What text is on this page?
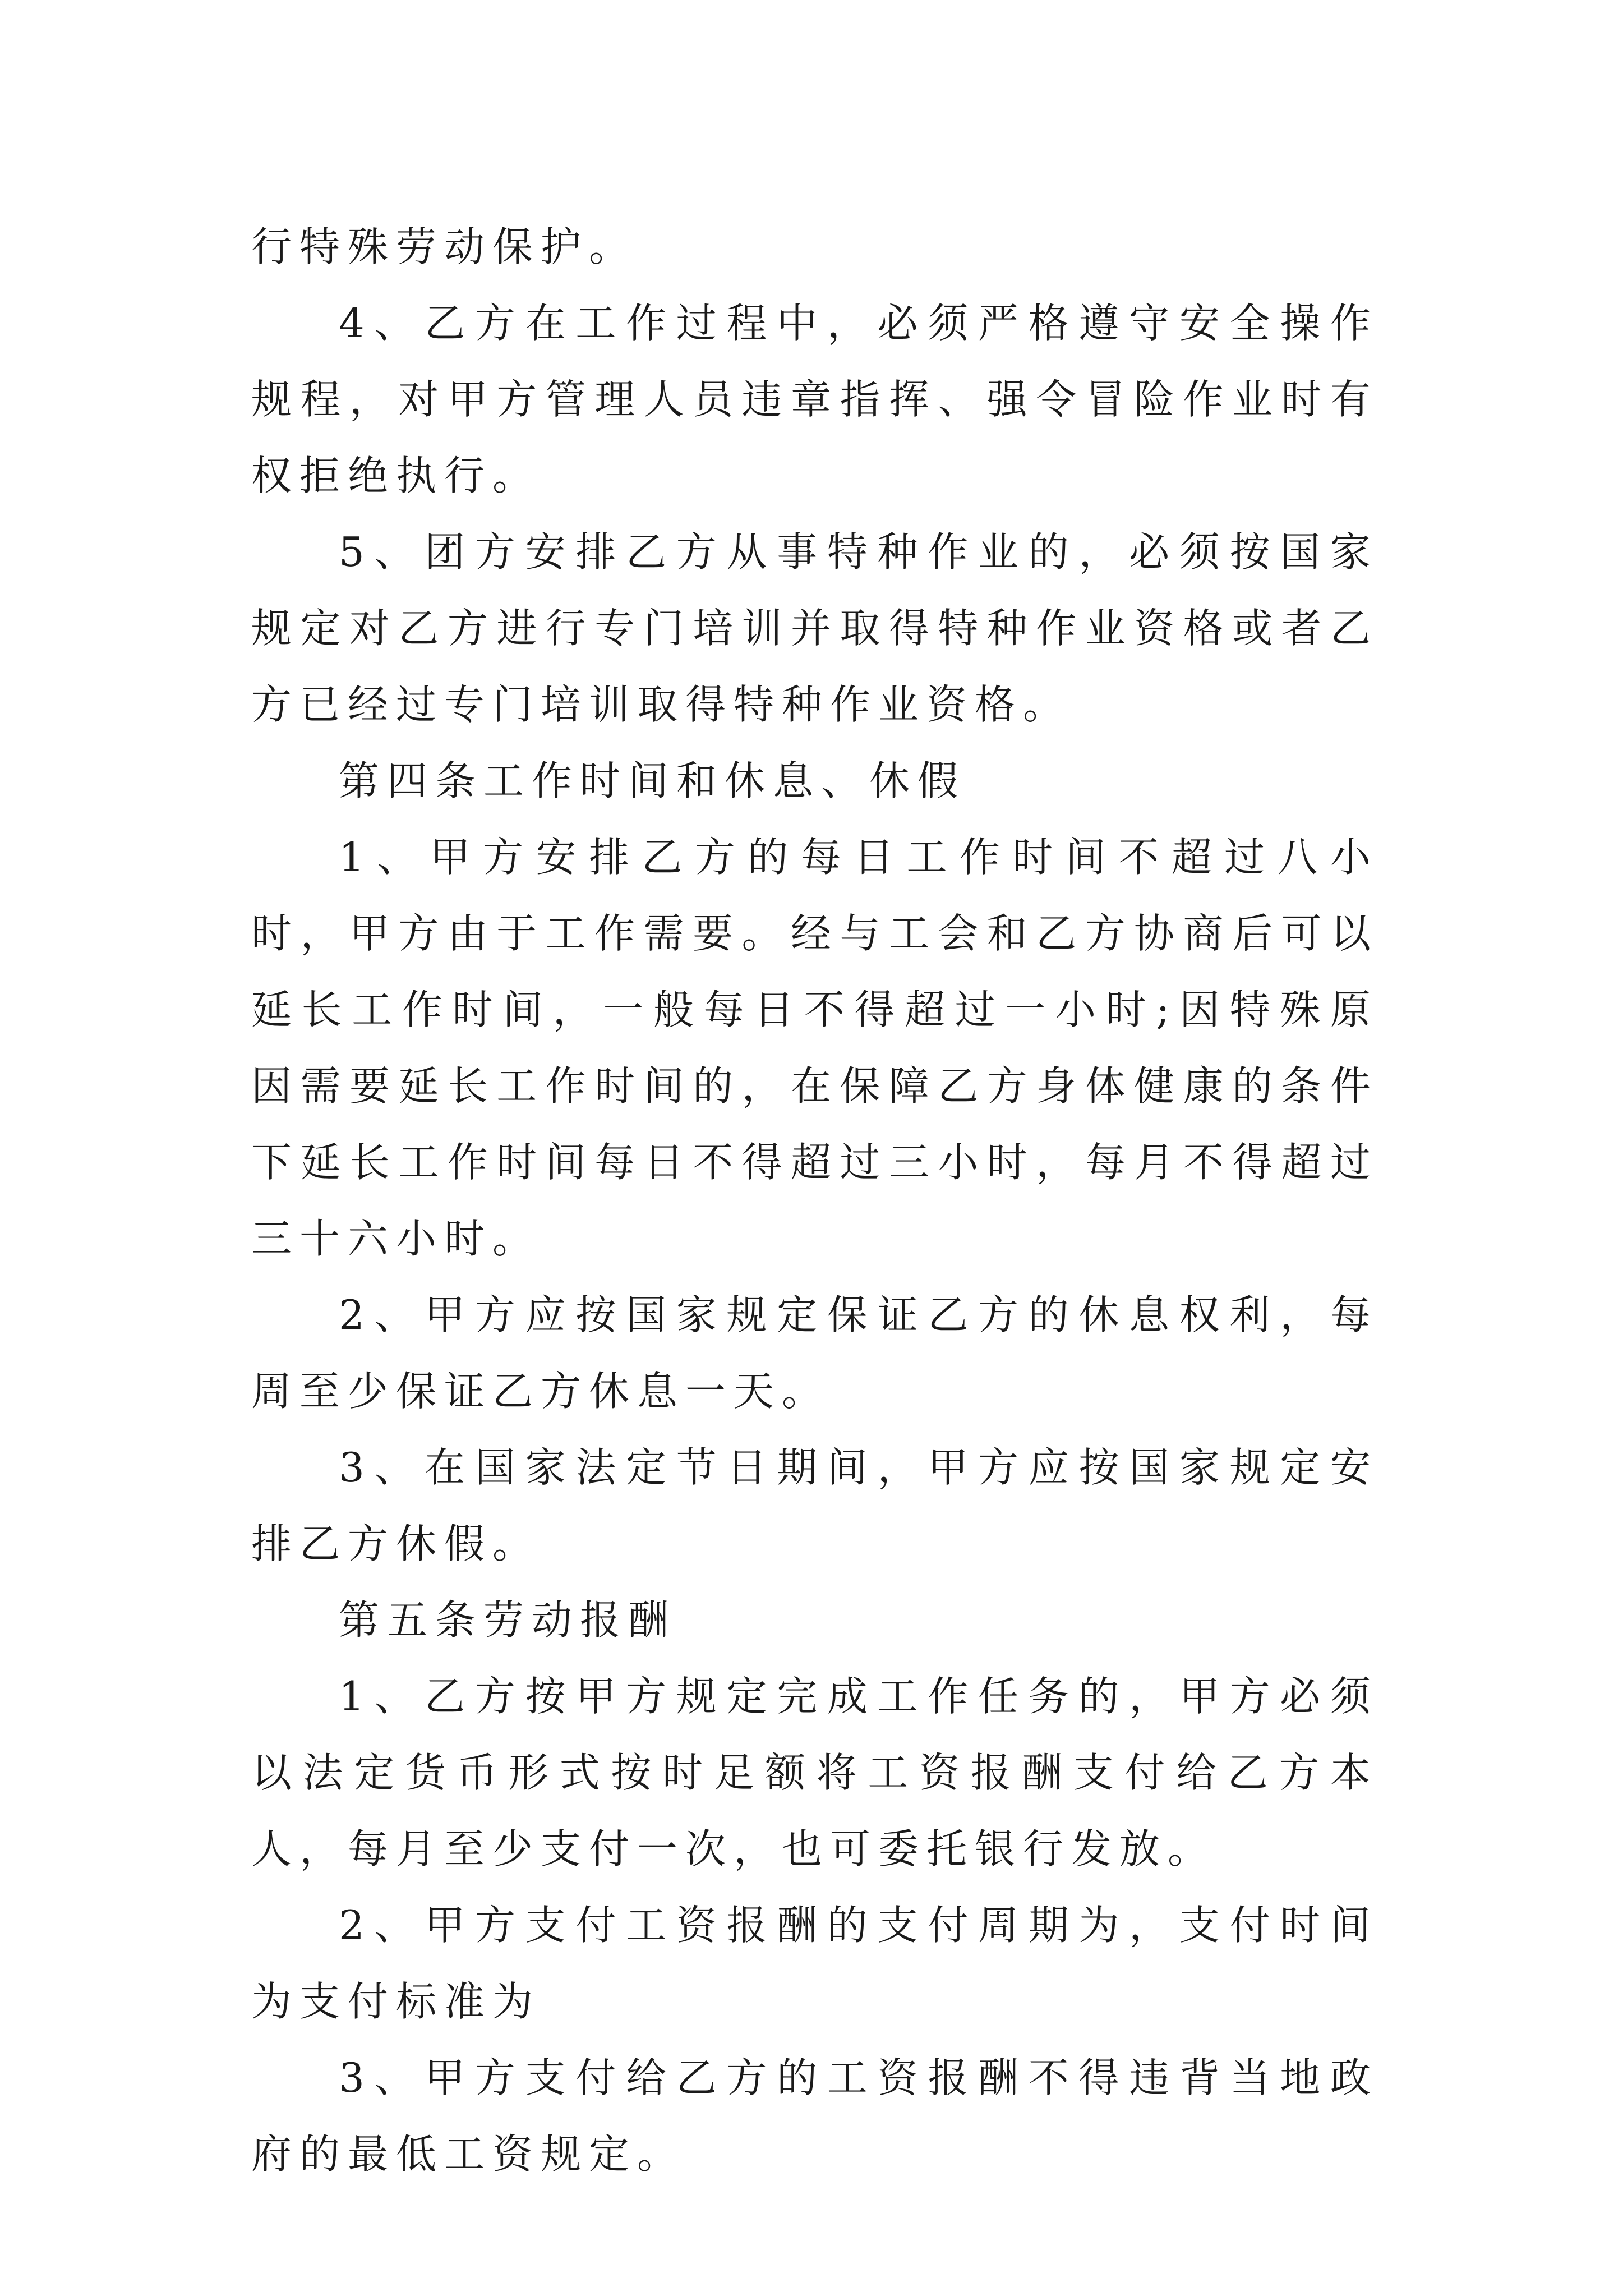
行特殊劳动保护。

4、乙方在工作过程中，必须严格遵守安全操作规程，对甲方管理人员违章指挥、强令冒险作业时有权拒绝执行。

5、团方安排乙方从事特种作业的，必须按国家规定对乙方进行专门培训并取得特种作业资格或者乙方已经过专门培训取得特种作业资格。

第四条工作时间和休息、休假

1、甲方安排乙方的每日工作时间不超过八小时，甲方由于工作需要。经与工会和乙方协商后可以延长工作时间，一般每日不得超过一小时;因特殊原因需要延长工作时间的，在保障乙方身体健康的条件下延长工作时间每日不得超过三小时，每月不得超过三十六小时。

2、甲方应按国家规定保证乙方的休息权利，每周至少保证乙方休息一天。

3、在国家法定节日期间，甲方应按国家规定安排乙方休假。

第五条劳动报酬

1、乙方按甲方规定完成工作任务的，甲方必须以法定货币形式按时足额将工资报酬支付给乙方本人，每月至少支付一次，也可委托银行发放。

2、甲方支付工资报酬的支付周期为，支付时间为支付标准为

3、甲方支付给乙方的工资报酬不得违背当地政府的最低工资规定。
